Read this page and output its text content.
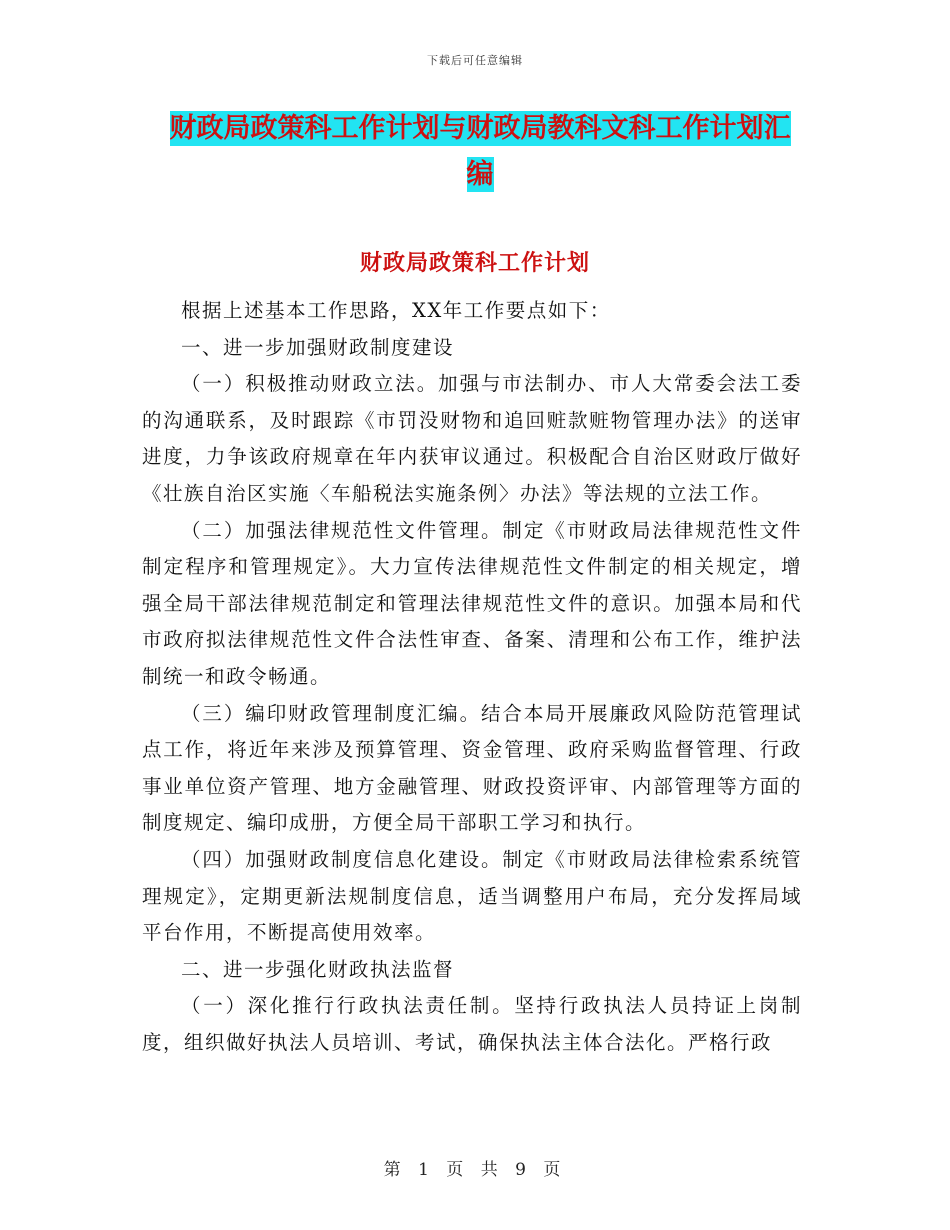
下载后可任意编辑
财政局政策科工作计划与财政局教科文科工作计划汇
编
财政局政策科工作计划

根据上述基本工作思路，XX年工作要点如下：

一、进一步加强财政制度建设

（一）积极推动财政立法。加强与市法制办、市人大常委会法工委的沟通联系，及时跟踪《市罚没财物和追回赃款赃物管理办法》的送审进度，力争该政府规章在年内获审议通过。积极配合自治区财政厅做好《壮族自治区实施〈车船税法实施条例〉办法》等法规的立法工作。

（二）加强法律规范性文件管理。制定《市财政局法律规范性文件制定程序和管理规定》。大力宣传法律规范性文件制定的相关规定，增强全局干部法律规范制定和管理法律规范性文件的意识。加强本局和代市政府拟法律规范性文件合法性审查、备案、清理和公布工作，维护法制统一和政令畅通。

（三）编印财政管理制度汇编。结合本局开展廉政风险防范管理试点工作，将近年来涉及预算管理、资金管理、政府采购监督管理、行政事业单位资产管理、地方金融管理、财政投资评审、内部管理等方面的制度规定、编印成册，方便全局干部职工学习和执行。

（四）加强财政制度信息化建设。制定《市财政局法律检索系统管理规定》，定期更新法规制度信息，适当调整用户布局，充分发挥局域平台作用，不断提高使用效率。

二、进一步强化财政执法监督

（一）深化推行行政执法责任制。坚持行政执法人员持证上岗制度，组织做好执法人员培训、考试，确保执法主体合法化。严格行政

第 1 页 共 9 页
